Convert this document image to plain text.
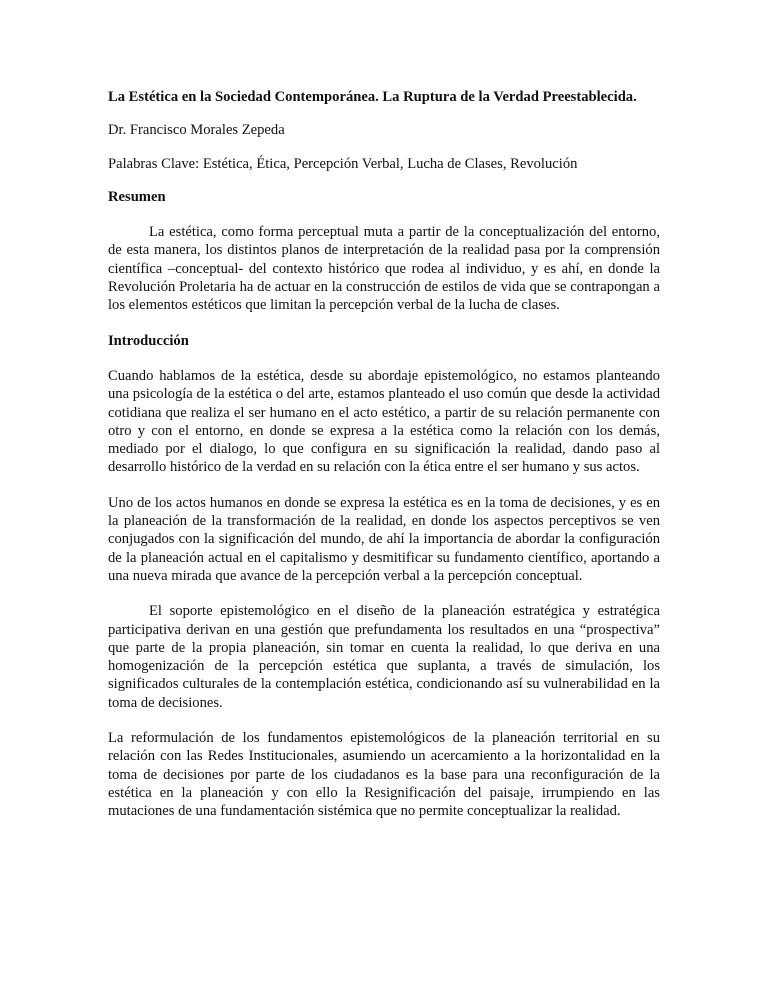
La Estética en la Sociedad Contemporánea. La Ruptura de la Verdad Preestablecida.
Dr. Francisco Morales Zepeda
Palabras Clave: Estética, Ética, Percepción Verbal, Lucha de Clases, Revolución
Resumen

La estética, como forma perceptual muta a partir de la conceptualización del entorno, de esta manera, los distintos planos de interpretación de la realidad pasa por la comprensión científica –conceptual- del contexto histórico que rodea al individuo, y es ahí, en donde la Revolución Proletaria ha de actuar en la construcción de estilos de vida que se contrapongan a los elementos estéticos que limitan la percepción verbal de la lucha de clases.

Introducción

Cuando hablamos de la estética, desde su abordaje epistemológico, no estamos planteando una psicología de la estética o del arte, estamos planteado el uso común que desde la actividad cotidiana que realiza el ser humano en el acto estético, a partir de su relación permanente con otro y con el entorno, en donde se expresa a la estética como la relación con los demás, mediado por el dialogo, lo que configura en su significación la realidad, dando paso al desarrollo histórico de la verdad en su relación con la ética entre el ser humano y sus actos.

Uno de los actos humanos en donde se expresa la estética es en la toma de decisiones, y es en la planeación de la transformación de la realidad, en donde los aspectos perceptivos se ven conjugados con la significación del mundo, de ahí la importancia de abordar la configuración de la planeación actual en el capitalismo y desmitificar su fundamento científico, aportando a una nueva mirada que avance de la percepción verbal a la percepción conceptual.

El soporte epistemológico en el diseño de la planeación estratégica y estratégica participativa derivan en una gestión que prefundamenta los resultados en una “prospectiva” que parte de la propia planeación, sin tomar en cuenta la realidad, lo que deriva en una homogenización de la percepción estética que suplanta, a través de simulación, los significados culturales de la contemplación estética, condicionando así su vulnerabilidad en la toma de decisiones.

La reformulación de los fundamentos epistemológicos de la planeación territorial en su relación con las Redes Institucionales, asumiendo un acercamiento a la horizontalidad en la toma de decisiones por parte de los ciudadanos es la base para una reconfiguración de la estética en la planeación y con ello la Resignificación del paisaje, irrumpiendo en las mutaciones de una fundamentación sistémica que no permite conceptualizar la realidad.
